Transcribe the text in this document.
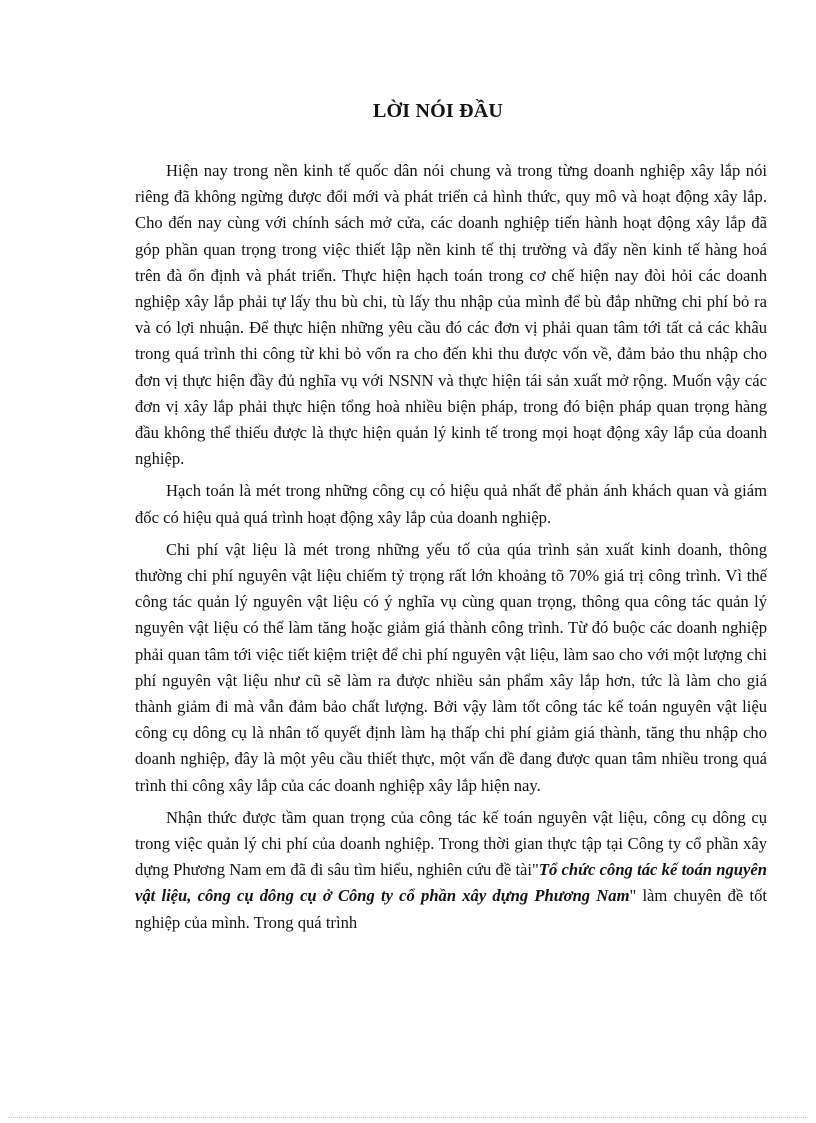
LỜI NÓI ĐẦU

Hiện nay trong nền kinh tế quốc dân nói chung và trong từng doanh nghiệp xây lắp nói riêng đã không ngừng được đổi mới và phát triển cả hình thức, quy mô và hoạt động xây lắp. Cho đến nay cùng với chính sách mở cửa, các doanh nghiệp tiến hành hoạt động xây lắp đã góp phần quan trọng trong việc thiết lập nền kinh tế thị trường và đẩy nền kinh tế hàng hoá trên đà ổn định và phát triển. Thực hiện hạch toán trong cơ chế hiện nay đòi hỏi các doanh nghiệp xây lắp phải tự lấy thu bù chi, tù lấy thu nhập của mình để bù đắp những chi phí bỏ ra và có lợi nhuận. Để thực hiện những yêu cầu đó các đơn vị phải quan tâm tới tất cả các khâu trong quá trình thi công từ khi bỏ vốn ra cho đến khi thu được vốn về, đảm bảo thu nhập cho đơn vị thực hiện đầy đủ nghĩa vụ với NSNN và thực hiện tái sản xuất mở rộng. Muốn vậy các đơn vị xây lắp phải thực hiện tổng hoà nhiều biện pháp, trong đó biện pháp quan trọng hàng đầu không thể thiếu được là thực hiện quản lý kinh tế trong mọi hoạt động xây lắp của doanh nghiệp.

Hạch toán là mét trong những công cụ có hiệu quả nhất để phản ánh khách quan và giám đốc có hiệu quả quá trình hoạt động xây lắp của doanh nghiệp.

Chi phí vật liệu là mét trong những yếu tố của qúa trình sản xuất kinh doanh, thông thường chi phí nguyên vật liệu chiếm tỷ trọng rất lớn khoảng tõ 70% giá trị công trình. Vì thế công tác quản lý nguyên vật liệu có ý nghĩa vụ cùng quan trọng, thông qua công tác quản lý nguyên vật liệu có thể làm tăng hoặc giảm giá thành công trình. Từ đó buộc các doanh nghiệp phải quan tâm tới việc tiết kiệm triệt để chi phí nguyên vật liệu, làm sao cho với một lượng chi phí nguyên vật liệu như cũ sẽ làm ra được nhiều sản phẩm xây lắp hơn, tức là làm cho giá thành giảm đi mà vẫn đảm bảo chất lượng. Bởi vậy làm tốt công tác kế toán nguyên vật liệu công cụ dông cụ là nhân tố quyết định làm hạ thấp chi phí giảm giá thành, tăng thu nhập cho doanh nghiệp, đây là một yêu cầu thiết thực, một vấn đề đang được quan tâm nhiều trong quá trình thi công xây lắp của các doanh nghiệp xây lắp hiện nay.

Nhận thức được tầm quan trọng của công tác kế toán nguyên vật liệu, công cụ dông cụ trong việc quản lý chi phí của doanh nghiệp. Trong thời gian thực tập tại Công ty cổ phần xây dựng Phương Nam em đã đi sâu tìm hiểu, nghiên cứu đề tài"Tổ chức công tác kế toán nguyên vật liệu, công cụ dông cụ ở Công ty cổ phần xây dựng Phương Nam" làm chuyên đề tốt nghiệp của mình. Trong quá trình
